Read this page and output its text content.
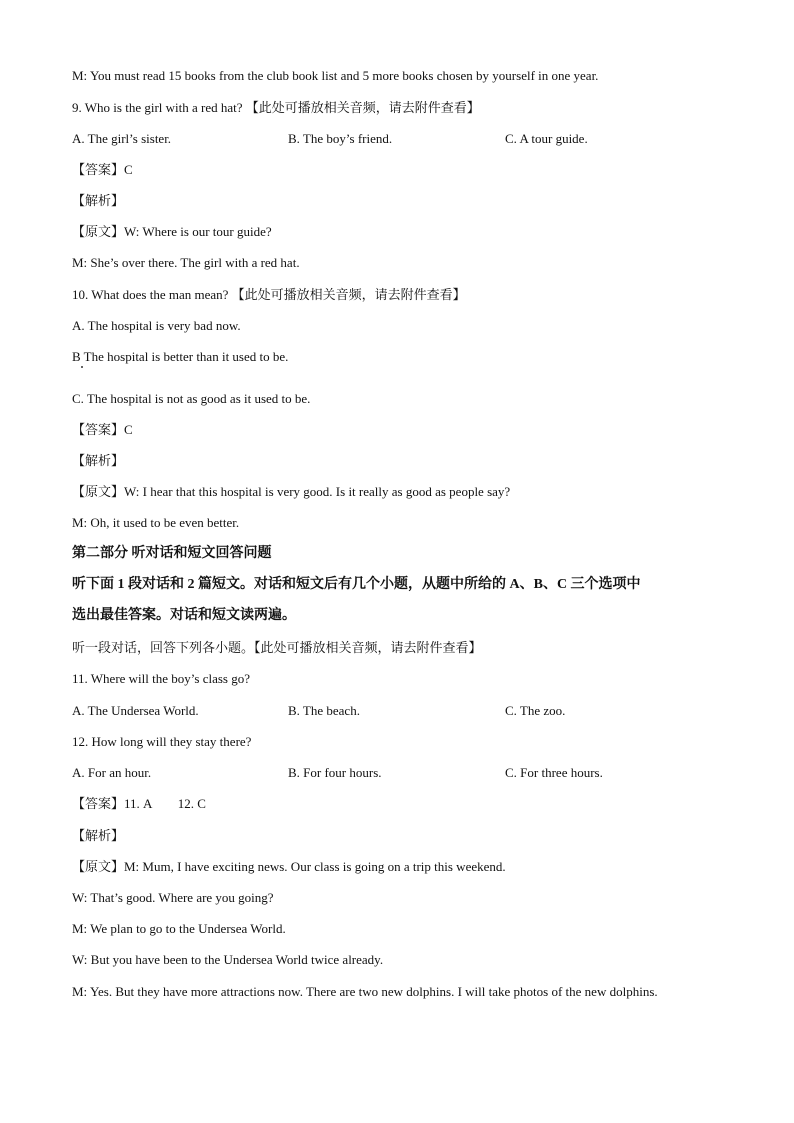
M: You must read 15 books from the club book list and 5 more books chosen by yourself in one year.
9. Who is the girl with a red hat? 【此处可播放相关音频，请去附件查看】
A. The girl’s sister.	B. The boy’s friend.	C. A tour guide.
【答案】C
【解析】
【原文】W: Where is our tour guide?
M: She’s over there. The girl with a red hat.
10. What does the man mean? 【此处可播放相关音频，请去附件查看】
A. The hospital is very bad now.
B The hospital is better than it used to be.
C. The hospital is not as good as it used to be.
【答案】C
【解析】
【原文】W: I hear that this hospital is very good. Is it really as good as people say?
M: Oh, it used to be even better.
第二部分 听对话和短文回答问题
听下面 1 段对话和 2 篇短文。对话和短文后有几个小题，从题中所给的 A、B、C 三个选项中
选出最佳答案。对话和短文读两遍。
听一段对话，回答下列各小题。【此处可播放相关音频，请去附件查看】
11. Where will the boy’s class go?
A. The Undersea World.	B. The beach.	C. The zoo.
12. How long will they stay there?
A. For an hour.	B. For four hours.	C. For three hours.
【答案】11. A        12. C
【解析】
【原文】M: Mum, I have exciting news. Our class is going on a trip this weekend.
W: That’s good. Where are you going?
M: We plan to go to the Undersea World.
W: But you have been to the Undersea World twice already.
M: Yes. But they have more attractions now. There are two new dolphins. I will take photos of the new dolphins.
